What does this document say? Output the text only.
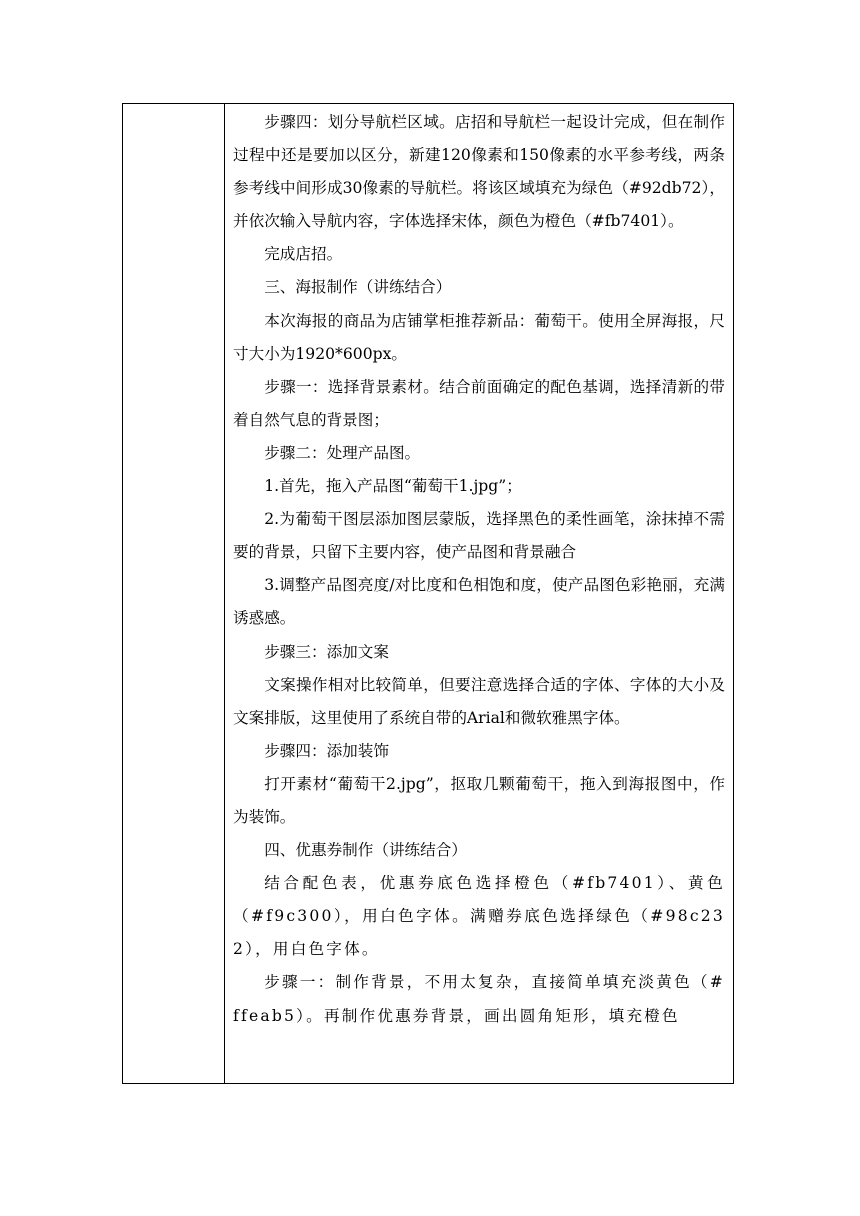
步骤四：划分导航栏区域。店招和导航栏一起设计完成，但在制作过程中还是要加以区分，新建120像素和150像素的水平参考线，两条参考线中间形成30像素的导航栏。将该区域填充为绿色（#92db72），并依次输入导航内容，字体选择宋体，颜色为橙色（#fb7401）。

完成店招。

三、海报制作（讲练结合）

本次海报的商品为店铺掌柜推荐新品：葡萄干。使用全屏海报，尺寸大小为1920*600px。

步骤一：选择背景素材。结合前面确定的配色基调，选择清新的带着自然气息的背景图；

步骤二：处理产品图。

1.首先，拖入产品图“葡萄干1.jpg”；

2.为葡萄干图层添加图层蒙版，选择黑色的柔性画笔，涂抹掉不需要的背景，只留下主要内容，使产品图和背景融合

3.调整产品图亮度/对比度和色相饱和度，使产品图色彩艳丽，充满诱惑感。

步骤三：添加文案

文案操作相对比较简单，但要注意选择合适的字体、字体的大小及文案排版，这里使用了系统自带的Arial和微软雅黑字体。

步骤四：添加装饰

打开素材“葡萄干2.jpg”，抠取几颗葡萄干，拖入到海报图中，作为装饰。

四、优惠券制作（讲练结合）

结合配色表，优惠券底色选择橙色（#fb7401）、黄色（#f9c300），用白色字体。满赠券底色选择绿色（#98c232），用白色字体。

步骤一：制作背景，不用太复杂，直接简单填充淡黄色（#ffeab5）。再制作优惠券背景，画出圆角矩形，填充橙色
